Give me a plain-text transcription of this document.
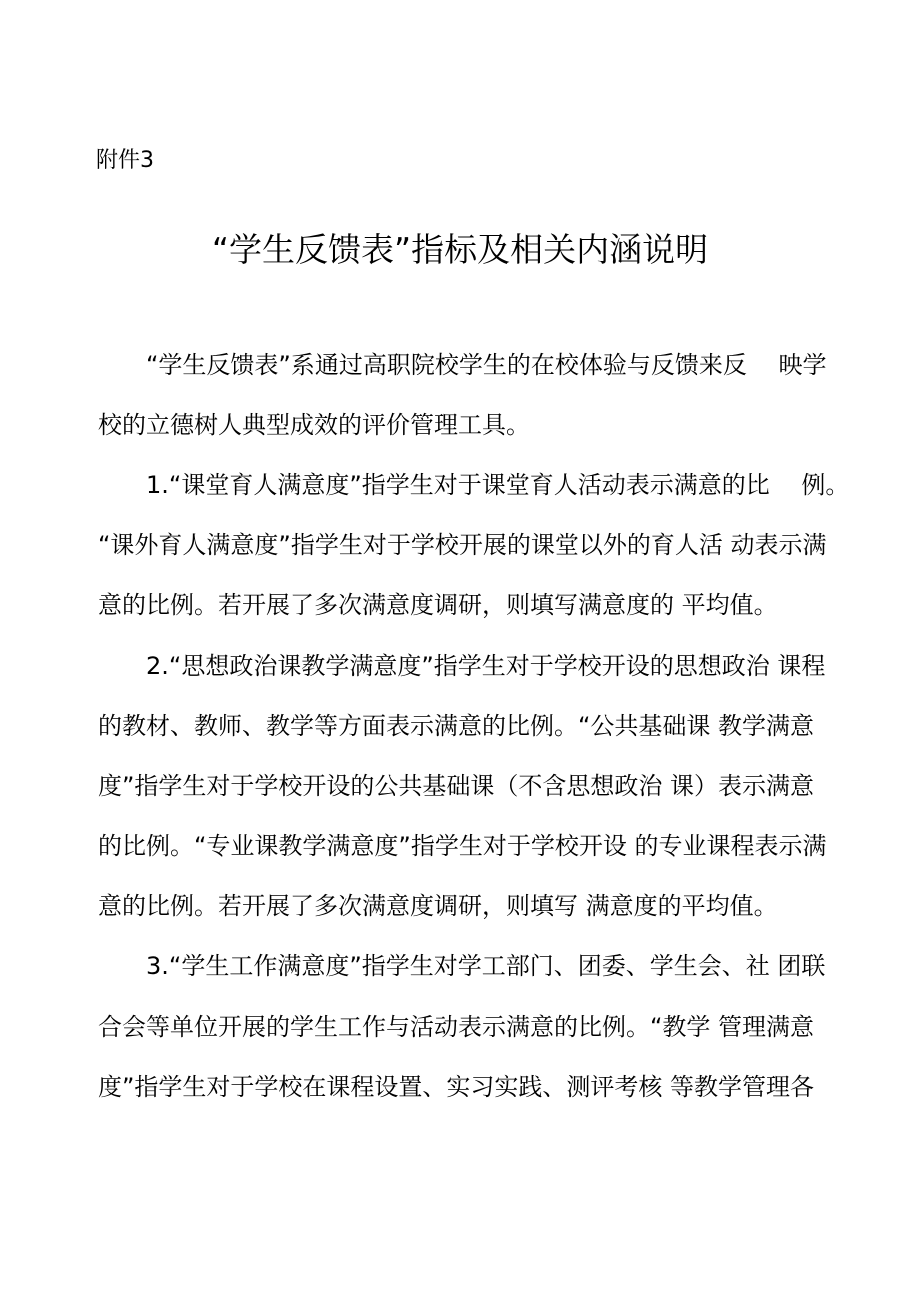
附件3
“学生反馈表”指标及相关内涵说明

“学生反馈表”系通过高职院校学生的在校体验与反馈来反　 映学

校的立德树人典型成效的评价管理工具。

1.“课堂育人满意度”指学生对于课堂育人活动表示满意的比　 例。

“课外育人满意度”指学生对于学校开展的课堂以外的育人活 动表示满

意的比例。若开展了多次满意度调研，则填写满意度的 平均值。

2.“思想政治课教学满意度”指学生对于学校开设的思想政治 课程

的教材、教师、教学等方面表示满意的比例。“公共基础课 教学满意

度”指学生对于学校开设的公共基础课（不含思想政治 课）表示满意

的比例。“专业课教学满意度”指学生对于学校开设 的专业课程表示满

意的比例。若开展了多次满意度调研，则填写 满意度的平均值。

3.“学生工作满意度”指学生对学工部门、团委、学生会、社 团联

合会等单位开展的学生工作与活动表示满意的比例。“教学 管理满意

度”指学生对于学校在课程设置、实习实践、测评考核 等教学管理各
